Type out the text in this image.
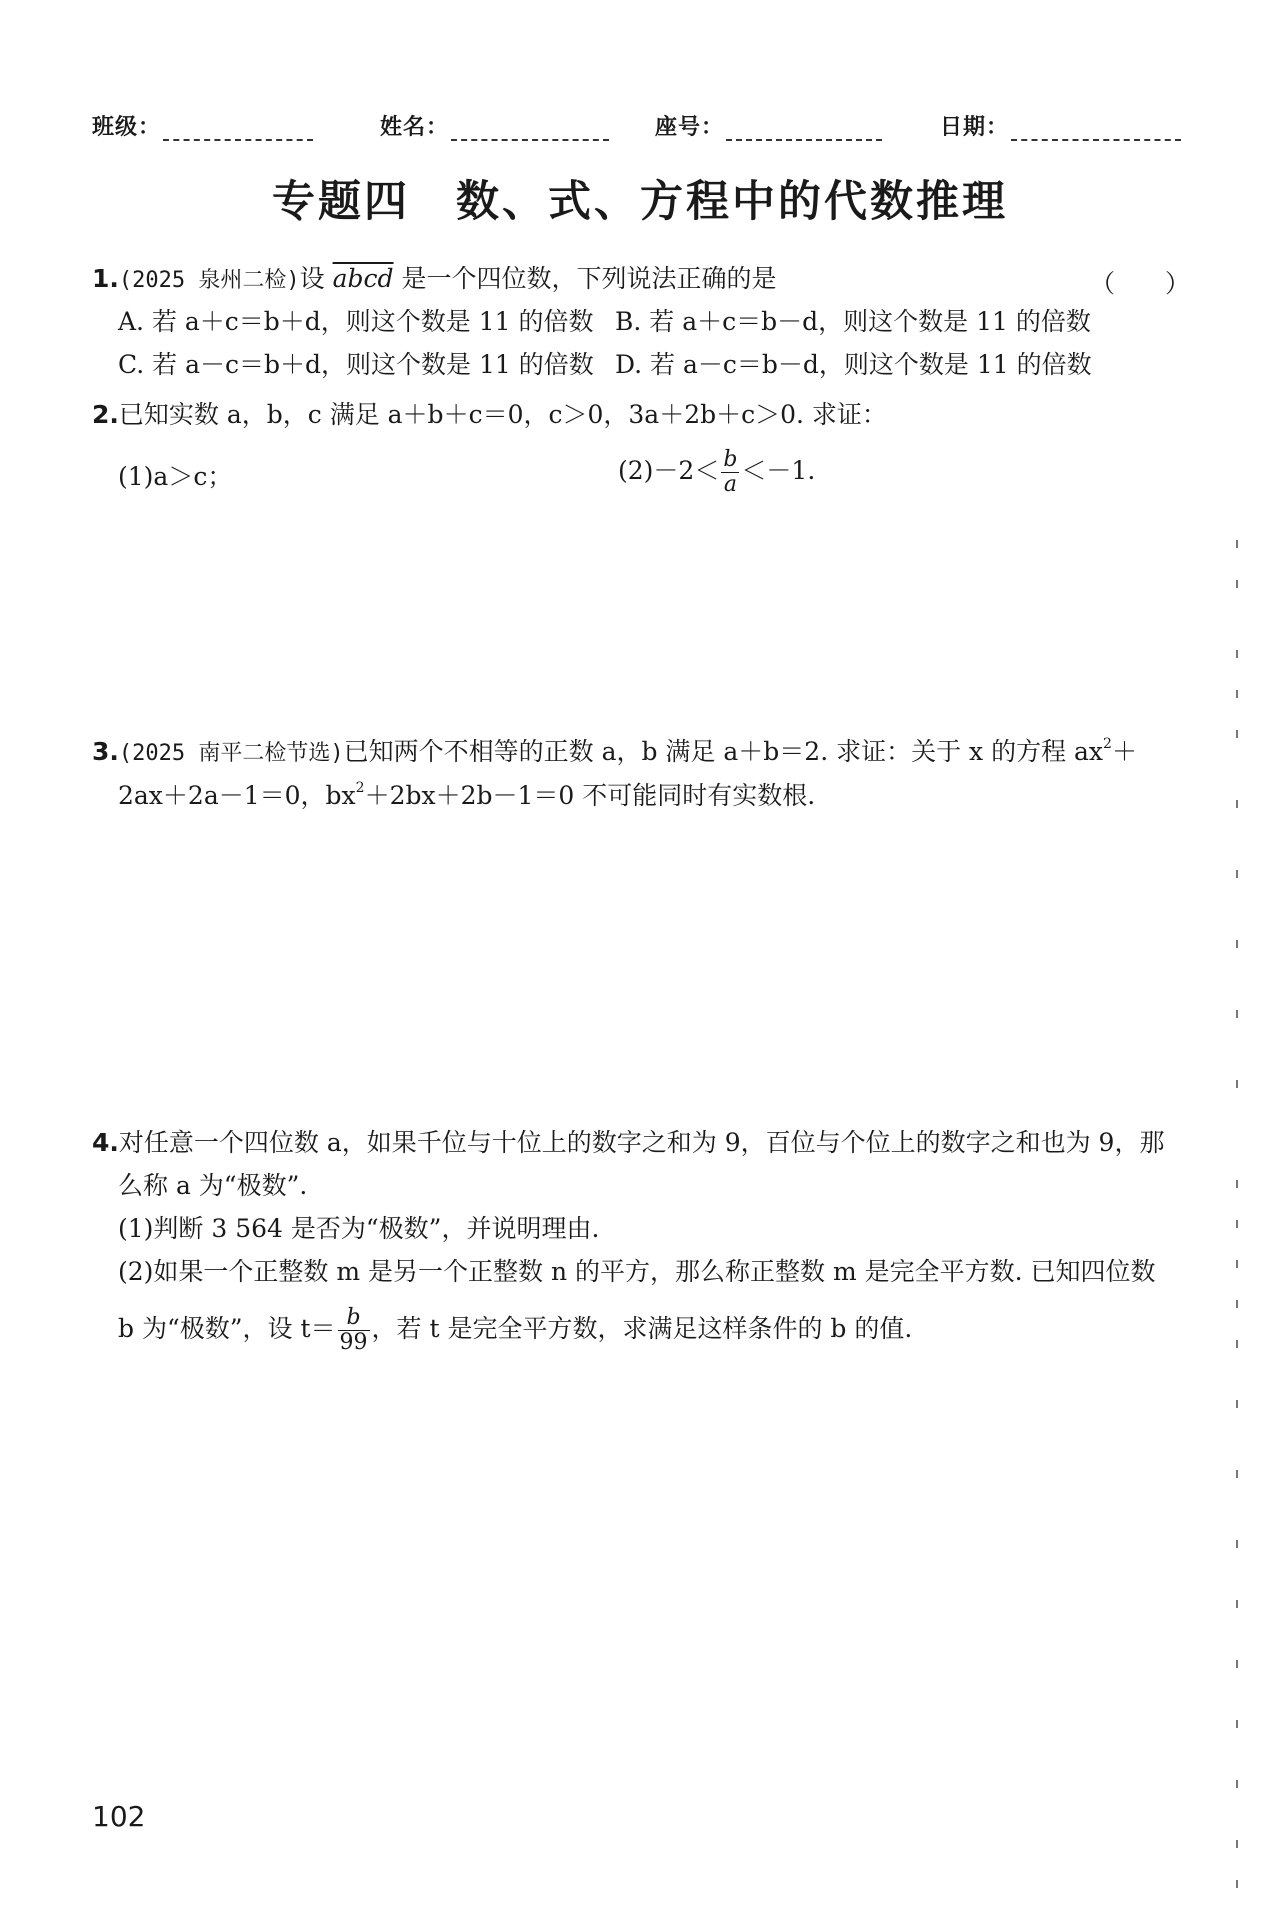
班级：	姓名：	座号：	日期：
专题四　数、式、方程中的代数推理
1.(2025 泉州二检)设 abcd 是一个四位数，下列说法正确的是	（　　）
A. 若 a＋c＝b＋d，则这个数是 11 的倍数 B. 若 a＋c＝b－d，则这个数是 11 的倍数
C. 若 a－c＝b＋d，则这个数是 11 的倍数 D. 若 a－c＝b－d，则这个数是 11 的倍数
2.已知实数 a，b，c 满足 a＋b＋c＝0，c＞0，3a＋2b＋c＞0. 求证：
(1)a＞c；	$(2)-2< \frac{b}{a} <-1$.
3.(2025 南平二检节选)已知两个不相等的正数 a，b 满足 a＋b＝2. 求证：关于 x 的方程 $ax^2+$
2ax＋2a－1＝0，$bx^2+2bx+2b-1=0$ 不可能同时有实数根.
4.对任意一个四位数 a，如果千位与十位上的数字之和为 9，百位与个位上的数字之和也为 9，那
么称 a 为“极数”.
(1)判断 3 564 是否为“极数”，并说明理由.
(2)如果一个正整数 m 是另一个正整数 n 的平方，那么称正整数 m 是完全平方数. 已知四位数
b 为“极数”，设 $t= \frac{b}{99}$ ，若 t 是完全平方数，求满足这样条件的 b 的值.
102
